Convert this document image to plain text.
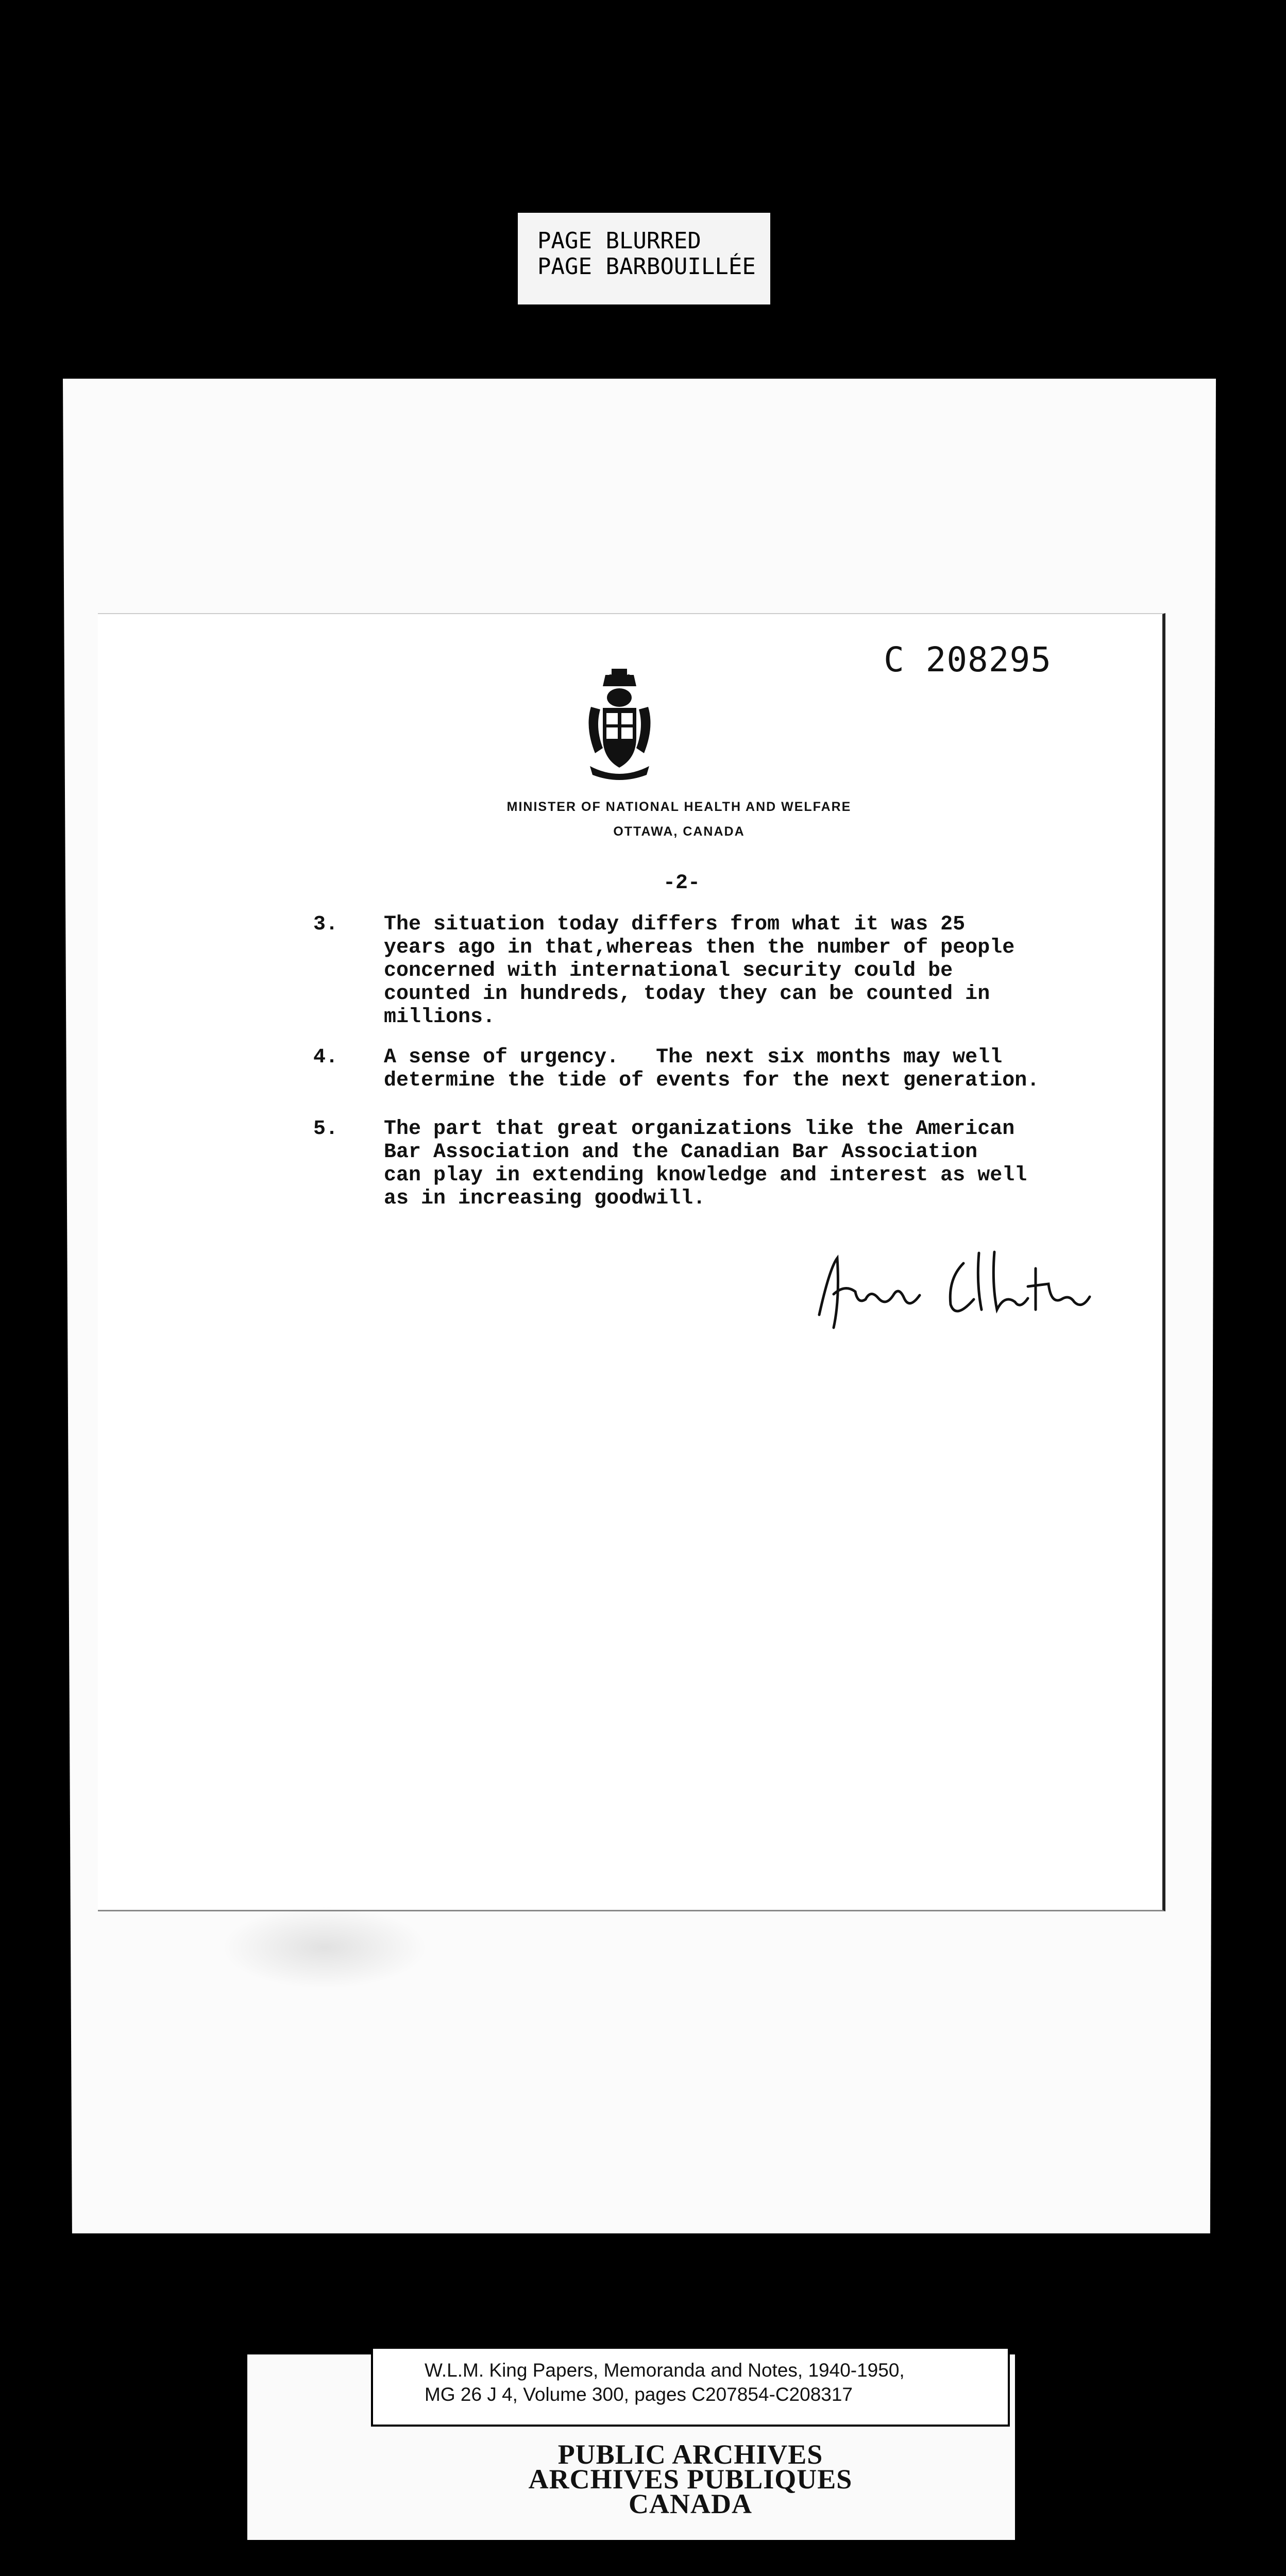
PAGE BLURRED
PAGE BARBOUILLÉE
C 208295
MINISTER OF NATIONAL HEALTH AND WELFARE
OTTAWA, CANADA
-2-
3. The situation today differs from what it was 25
years ago in that,whereas then the number of people
concerned with international security could be
counted in hundreds, today they can be counted in
millions.
4. A sense of urgency.   The next six months may well
determine the tide of events for the next generation.
5. The part that great organizations like the American
Bar Association and the Canadian Bar Association
can play in extending knowledge and interest as well
as in increasing goodwill.
W.L.M. King Papers, Memoranda and Notes, 1940-1950,
MG 26 J 4, Volume 300, pages C207854-C208317
PUBLIC ARCHIVES
ARCHIVES PUBLIQUES
CANADA
